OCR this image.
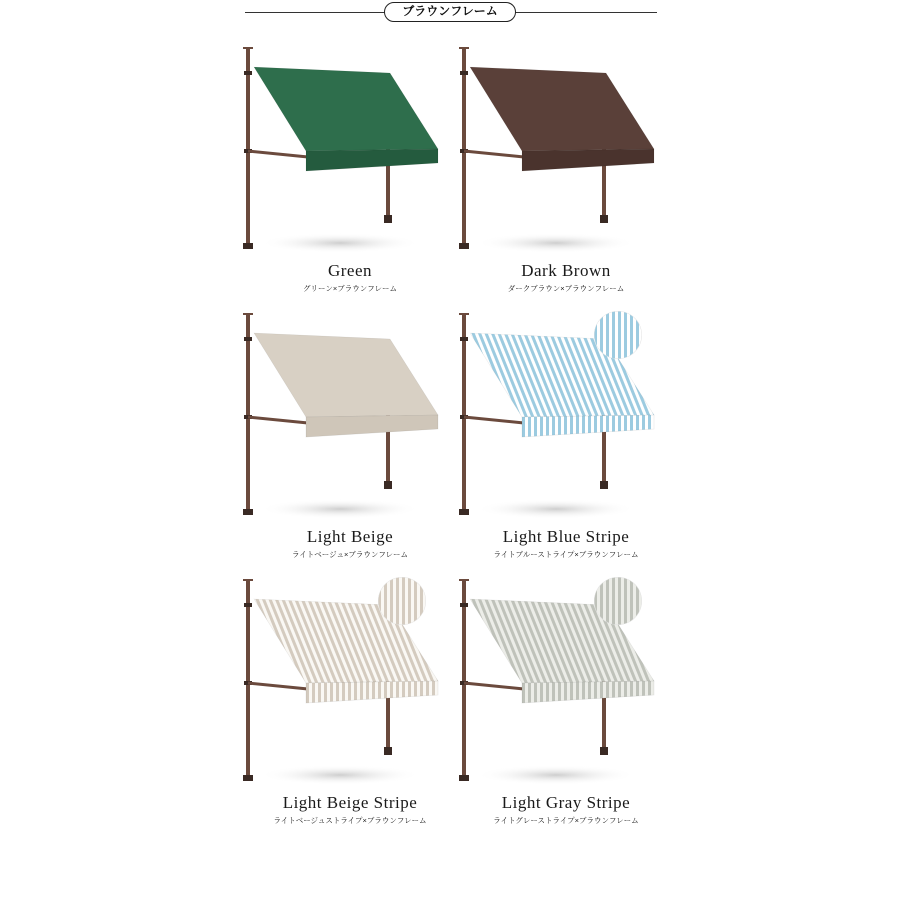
ブラウンフレーム
Green
グリーン×ブラウンフレーム
Dark Brown
ダークブラウン×ブラウンフレーム
Light Beige
ライトベージュ×ブラウンフレーム
Light Blue Stripe
ライトブルーストライプ×ブラウンフレーム
Light Beige Stripe
ライトベージュストライプ×ブラウンフレーム
Light Gray Stripe
ライトグレーストライプ×ブラウンフレーム
